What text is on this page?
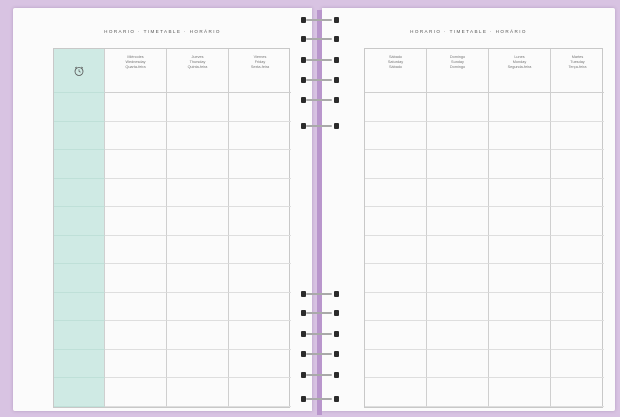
HORARIO · TIMETABLE · HORÁRIO
Miércoles
Wednesday
Quarta-feira
Jueves
Thursday
Quinta-feira
Viernes
Friday
Sexta-feira
HORARIO · TIMETABLE · HORÁRIO
Sábado
Saturday
Sábado
Domingo
Sunday
Domingo
Lunes
Monday
Segunda-feira
Martes
Tuesday
Terça-feira
